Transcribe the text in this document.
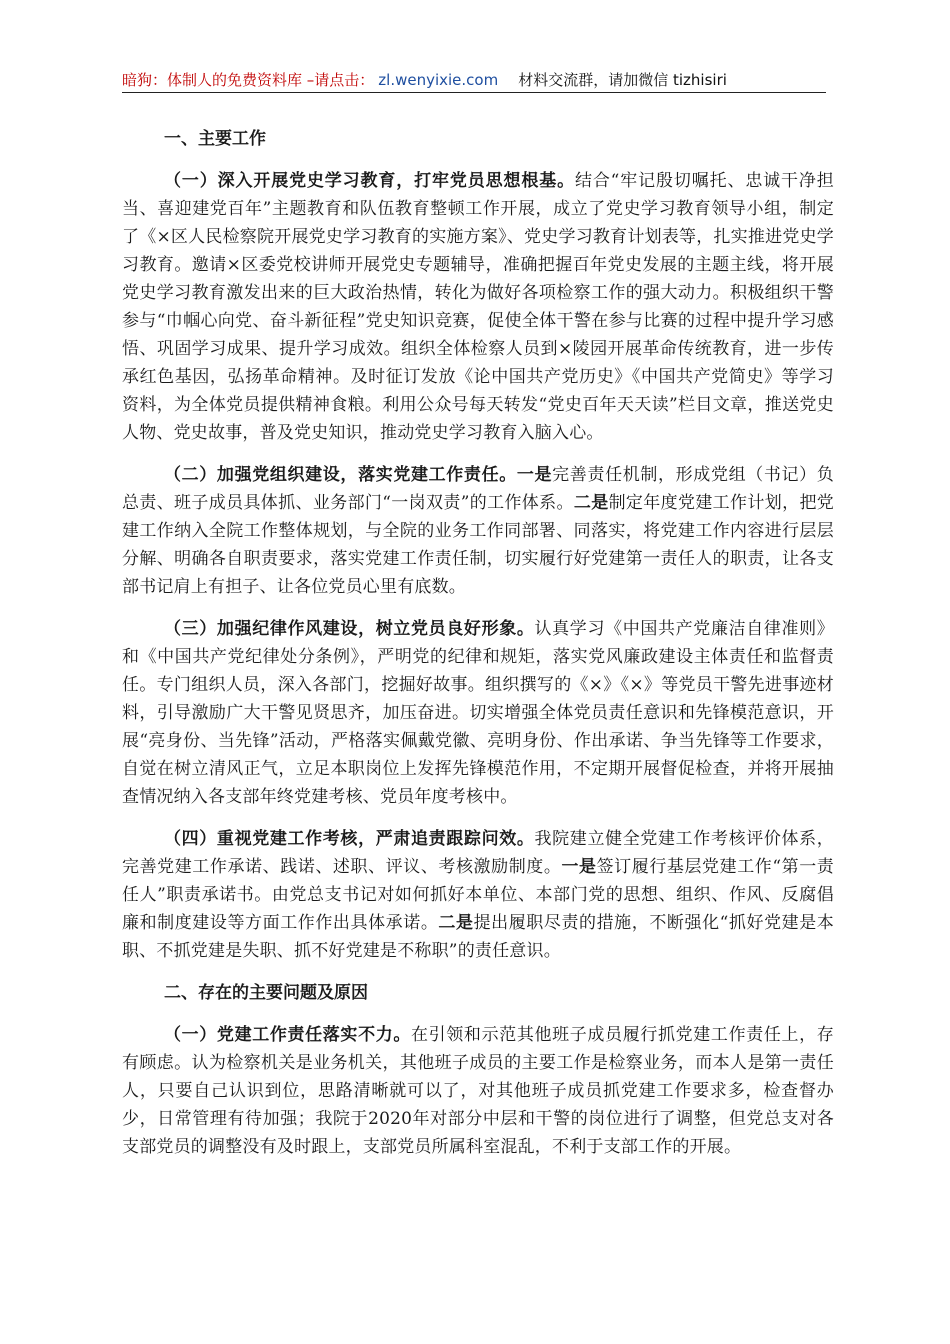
暗狗：体制人的免费资料库 –请点击： zl.wenyixie.com 材料交流群，请加微信 tizhisiri

一、主要工作

（一）深入开展党史学习教育，打牢党员思想根基。结合“牢记殷切嘱托、忠诚干净担当、喜迎建党百年”主题教育和队伍教育整顿工作开展，成立了党史学习教育领导小组，制定了《×区人民检察院开展党史学习教育的实施方案》、党史学习教育计划表等，扎实推进党史学习教育。邀请×区委党校讲师开展党史专题辅导，准确把握百年党史发展的主题主线，将开展党史学习教育激发出来的巨大政治热情，转化为做好各项检察工作的强大动力。积极组织干警参与“巾帼心向党、奋斗新征程”党史知识竞赛，促使全体干警在参与比赛的过程中提升学习感悟、巩固学习成果、提升学习成效。组织全体检察人员到×陵园开展革命传统教育，进一步传承红色基因，弘扬革命精神。及时征订发放《论中国共产党历史》《中国共产党简史》等学习资料，为全体党员提供精神食粮。利用公众号每天转发“党史百年天天读”栏目文章，推送党史人物、党史故事，普及党史知识，推动党史学习教育入脑入心。

（二）加强党组织建设，落实党建工作责任。一是完善责任机制，形成党组（书记）负总责、班子成员具体抓、业务部门“一岗双责”的工作体系。二是制定年度党建工作计划，把党建工作纳入全院工作整体规划，与全院的业务工作同部署、同落实，将党建工作内容进行层层分解、明确各自职责要求，落实党建工作责任制，切实履行好党建第一责任人的职责，让各支部书记肩上有担子、让各位党员心里有底数。

（三）加强纪律作风建设，树立党员良好形象。认真学习《中国共产党廉洁自律准则》和《中国共产党纪律处分条例》，严明党的纪律和规矩，落实党风廉政建设主体责任和监督责任。专门组织人员，深入各部门，挖掘好故事。组织撰写的《×》《×》等党员干警先进事迹材料，引导激励广大干警见贤思齐，加压奋进。切实增强全体党员责任意识和先锋模范意识，开展“亮身份、当先锋”活动，严格落实佩戴党徽、亮明身份、作出承诺、争当先锋等工作要求，自觉在树立清风正气，立足本职岗位上发挥先锋模范作用，不定期开展督促检查，并将开展抽查情况纳入各支部年终党建考核、党员年度考核中。

（四）重视党建工作考核，严肃追责跟踪问效。我院建立健全党建工作考核评价体系，完善党建工作承诺、践诺、述职、评议、考核激励制度。一是签订履行基层党建工作“第一责任人”职责承诺书。由党总支书记对如何抓好本单位、本部门党的思想、组织、作风、反腐倡廉和制度建设等方面工作作出具体承诺。二是提出履职尽责的措施，不断强化“抓好党建是本职、不抓党建是失职、抓不好党建是不称职”的责任意识。

二、存在的主要问题及原因

（一）党建工作责任落实不力。在引领和示范其他班子成员履行抓党建工作责任上，存有顾虑。认为检察机关是业务机关，其他班子成员的主要工作是检察业务，而本人是第一责任人，只要自己认识到位，思路清晰就可以了，对其他班子成员抓党建工作要求多，检查督办少，日常管理有待加强；我院于2020年对部分中层和干警的岗位进行了调整，但党总支对各支部党员的调整没有及时跟上，支部党员所属科室混乱，不利于支部工作的开展。
